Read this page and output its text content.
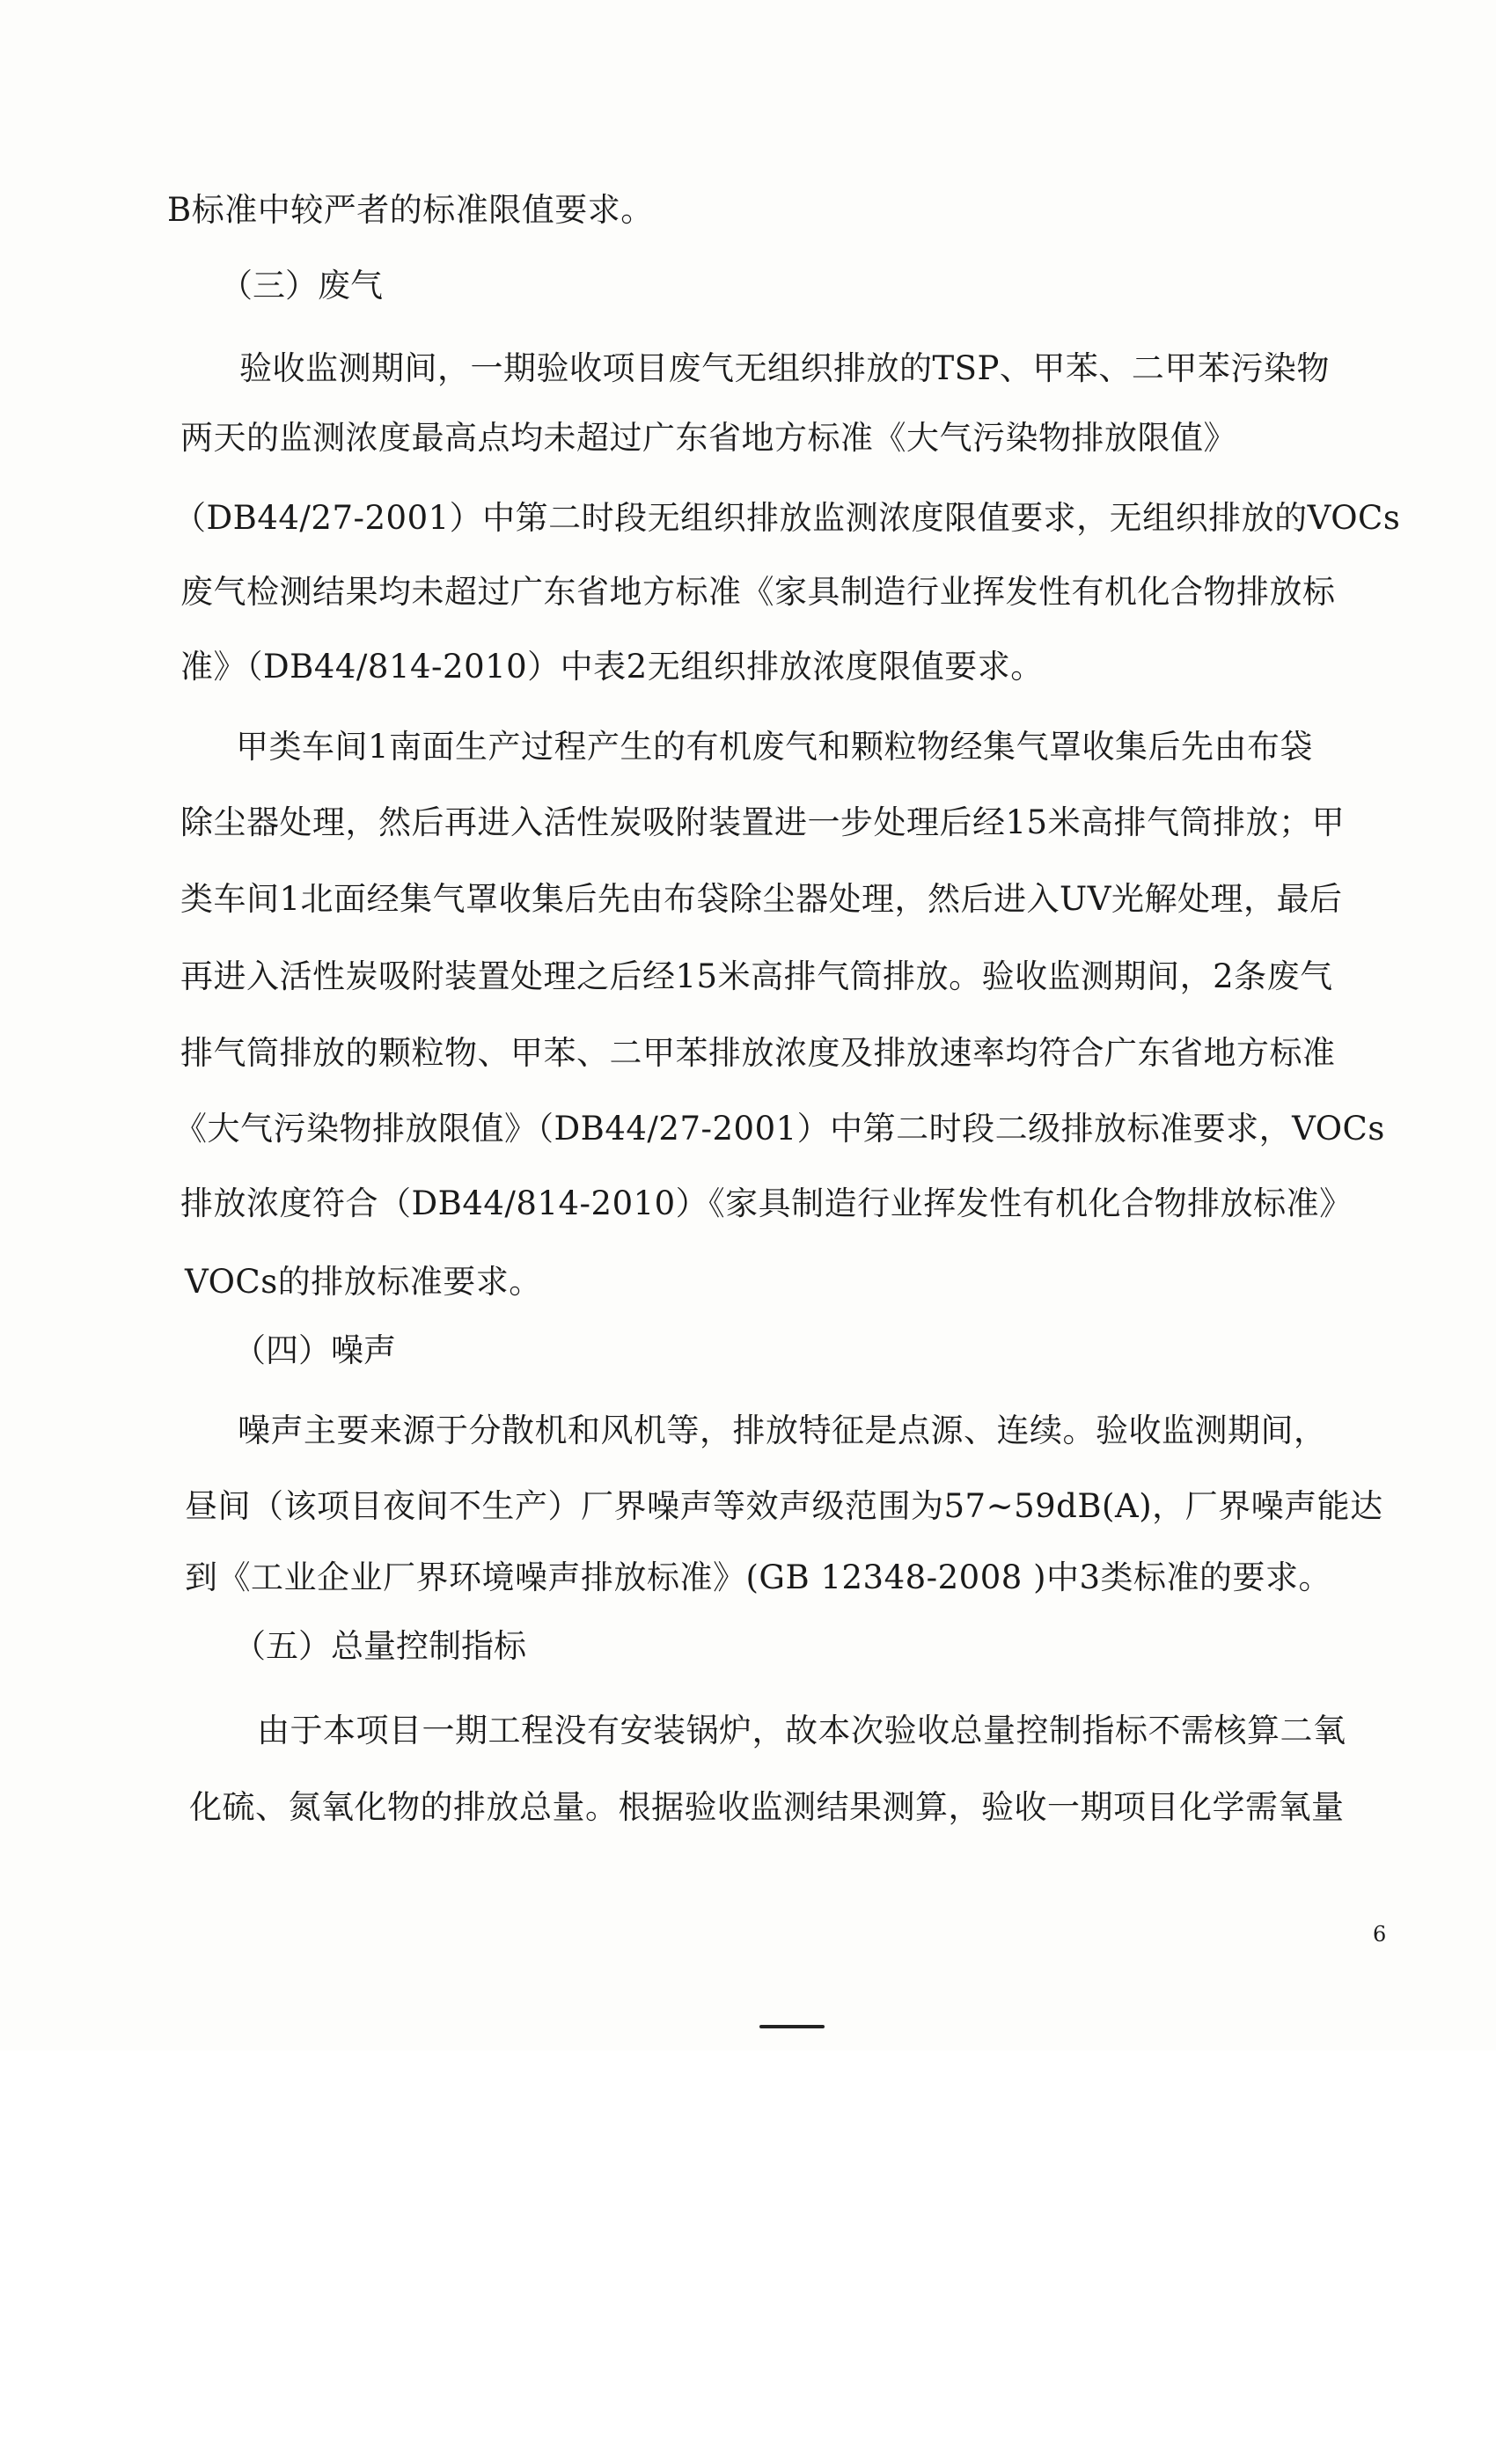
B标准中较严者的标准限值要求。
（三）废气
验收监测期间，一期验收项目废气无组织排放的TSP、甲苯、二甲苯污染物
两天的监测浓度最高点均未超过广东省地方标准《大气污染物排放限值》
（DB44/27-2001）中第二时段无组织排放监测浓度限值要求，无组织排放的VOCs
废气检测结果均未超过广东省地方标准《家具制造行业挥发性有机化合物排放标
准》（DB44/814-2010）中表2无组织排放浓度限值要求。
甲类车间1南面生产过程产生的有机废气和颗粒物经集气罩收集后先由布袋
除尘器处理，然后再进入活性炭吸附装置进一步处理后经15米高排气筒排放；甲
类车间1北面经集气罩收集后先由布袋除尘器处理，然后进入UV光解处理，最后
再进入活性炭吸附装置处理之后经15米高排气筒排放。验收监测期间，2条废气
排气筒排放的颗粒物、甲苯、二甲苯排放浓度及排放速率均符合广东省地方标准
《大气污染物排放限值》（DB44/27-2001）中第二时段二级排放标准要求，VOCs
排放浓度符合（DB44/814-2010）《家具制造行业挥发性有机化合物排放标准》
VOCs的排放标准要求。
（四）噪声
噪声主要来源于分散机和风机等，排放特征是点源、连续。验收监测期间，
昼间（该项目夜间不生产）厂界噪声等效声级范围为57~59dB(A)，厂界噪声能达
到《工业企业厂界环境噪声排放标准》(GB 12348-2008 )中3类标准的要求。
（五）总量控制指标
由于本项目一期工程没有安装锅炉，故本次验收总量控制指标不需核算二氧
化硫、氮氧化物的排放总量。根据验收监测结果测算，验收一期项目化学需氧量
6
